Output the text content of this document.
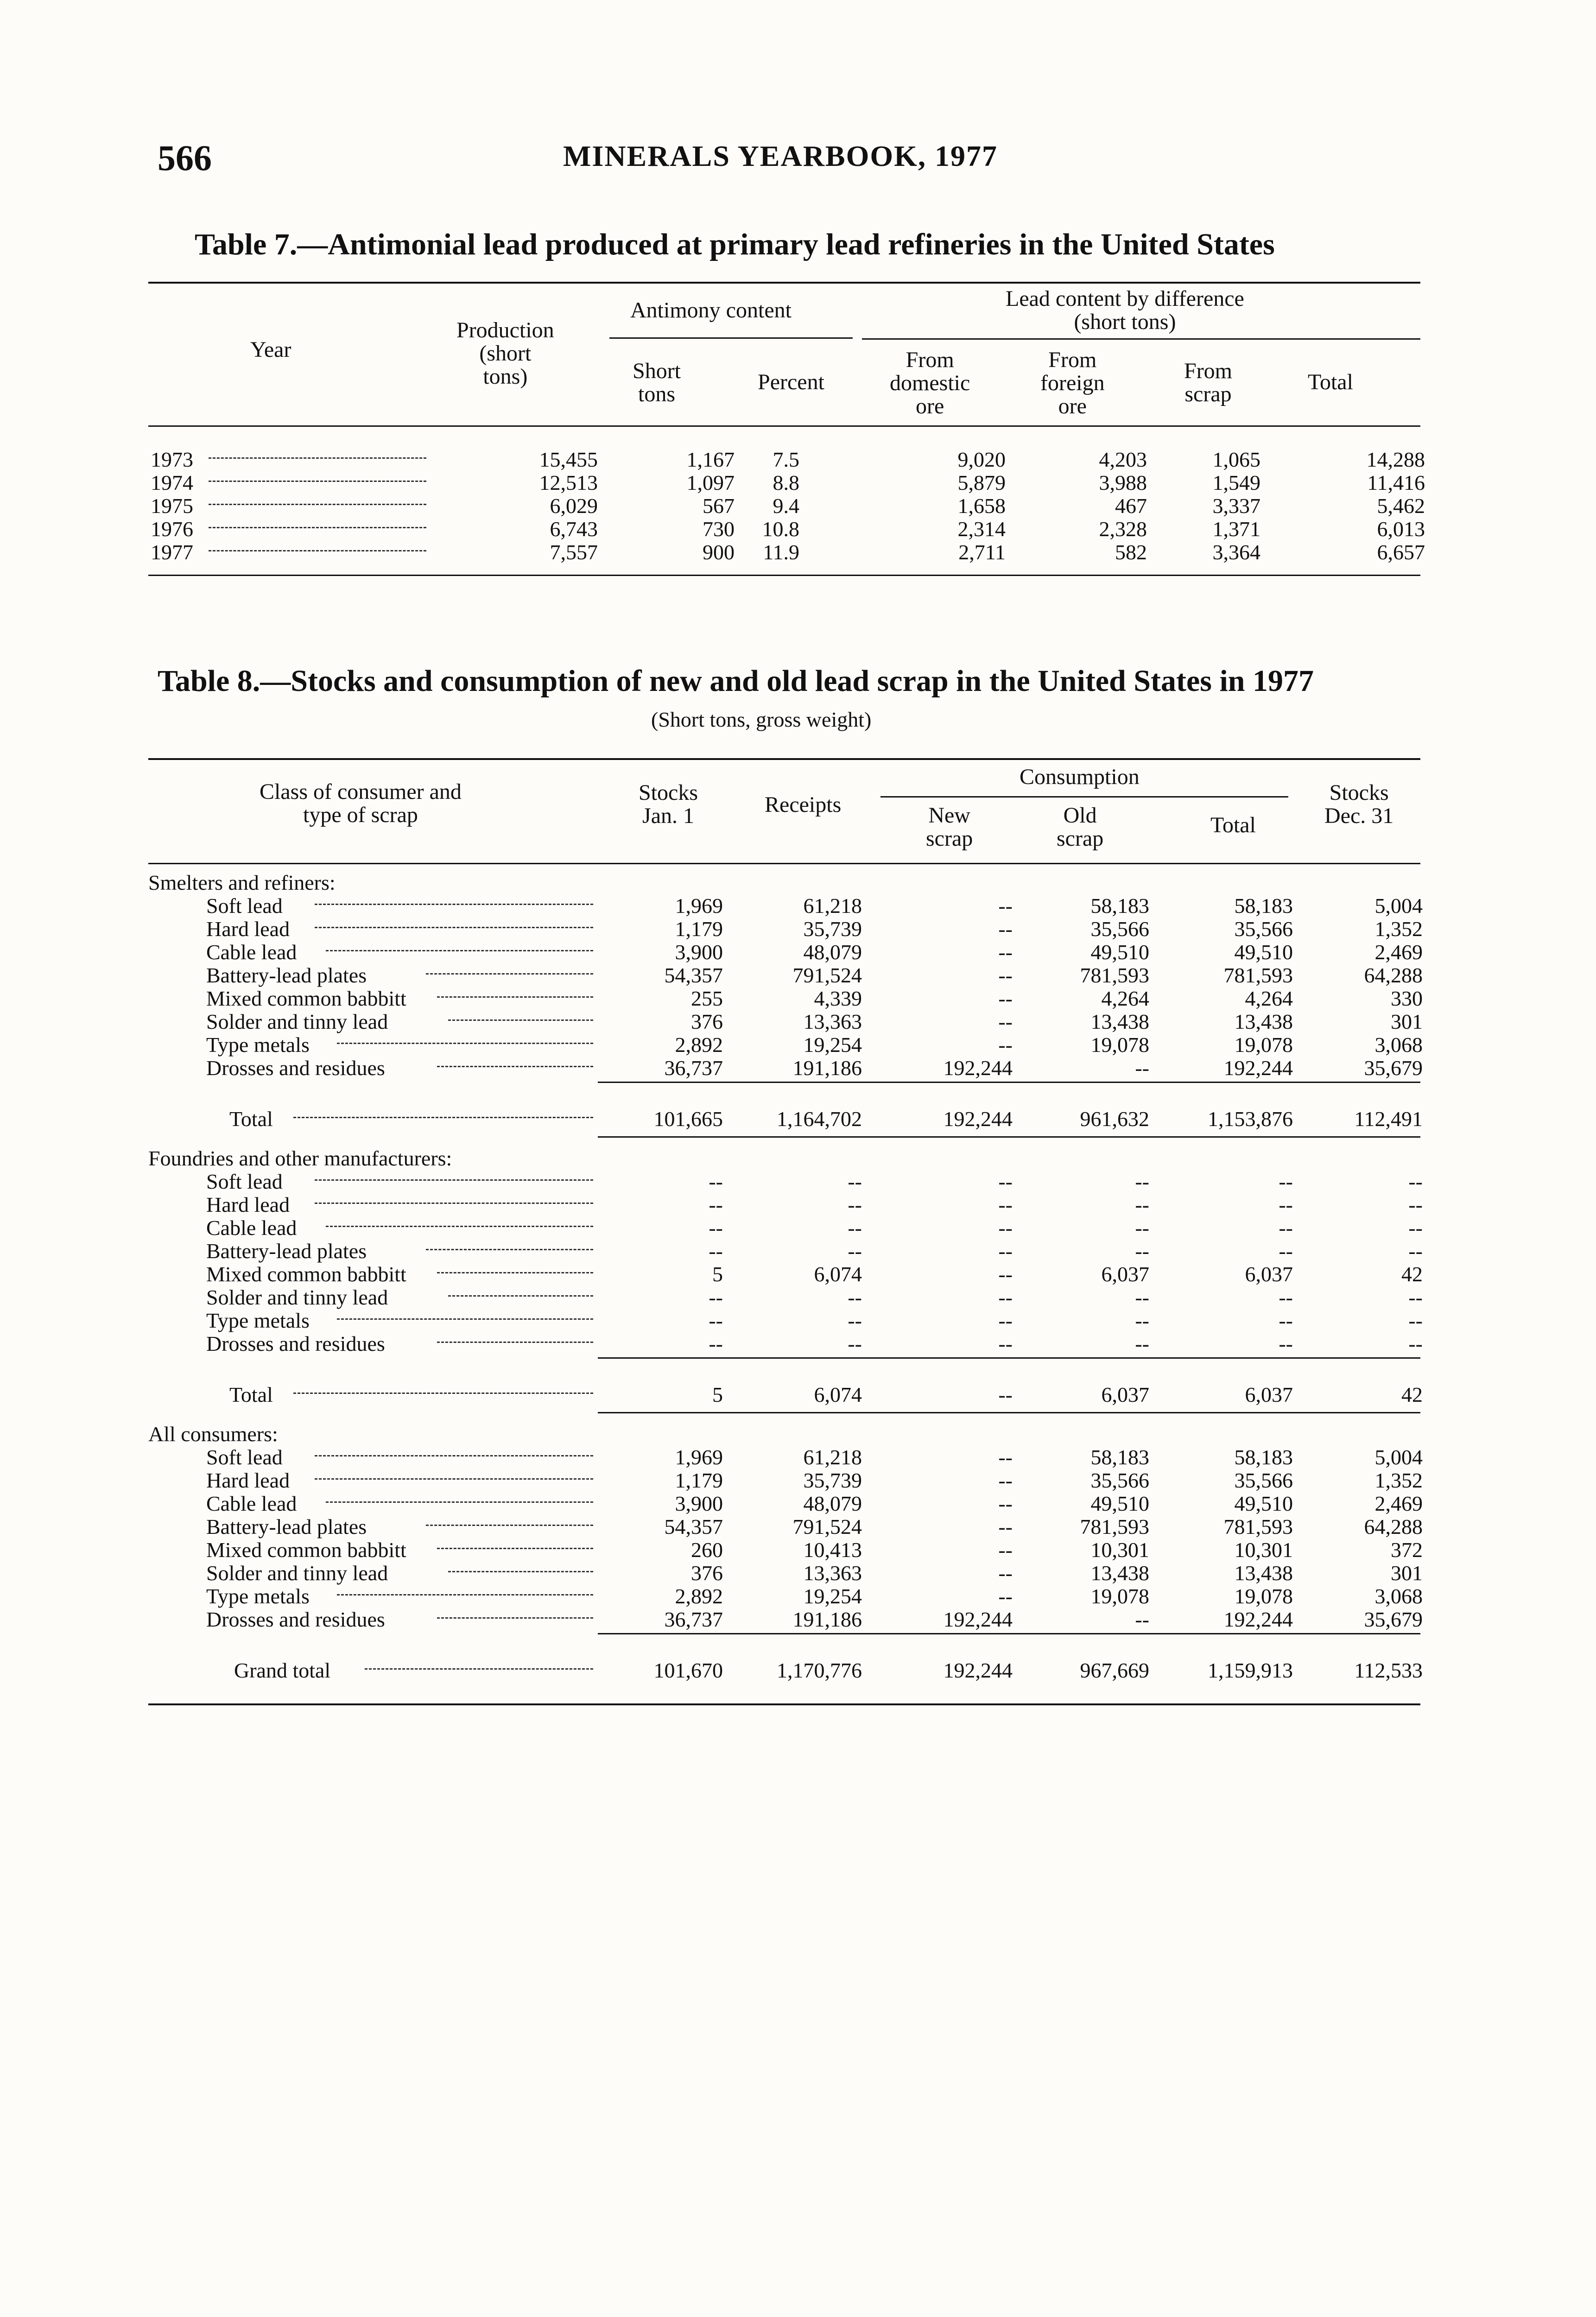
566	MINERALS YEARBOOK, 1977
Table 7.—Antimonial lead produced at primary lead refineries in the United States
Year
Production
(short
tons)
Antimony content
Short
tons	Percent
Lead content by difference
(short tons)
From
domestic
ore
From
foreign
ore
From
scrap	Total
1973	15,455	1,167 7.5	9,020	4,203	1,065	14,288
1974	12,513	1,097 8.8	5,879	3,988	1,549	11,416
1975	6,029	567 9.4	1,658	467	3,337	5,462
1976	6,743	730 10.8	2,314	2,328	1,371	6,013
1977	7,557	900 11.9	2,711	582	3,364	6,657
Table 8.—Stocks and consumption of new and old lead scrap in the United States in 1977
(Short tons, gross weight)
Class of consumer and
type of scrap
Stocks
Jan. 1	Receipts
Consumption
New
scrap
Old
scrap
Total
Stocks
Dec. 31
Smelters and refiners:
Soft lead	1,969	61,218	--	58,183	58,183	5,004
Hard lead	1,179	35,739	--	35,566	35,566	1,352
Cable lead	3,900	48,079	--	49,510	49,510	2,469
Battery-lead plates	54,357	791,524	--	781,593	781,593	64,288
Mixed common babbitt	255	4,339	--	4,264	4,264	330
Solder and tinny lead	376	13,363	--	13,438	13,438	301
Type metals	2,892	19,254	--	19,078	19,078	3,068
Drosses and residues	36,737	191,186	192,244	--	192,244	35,679
Total	101,665	1,164,702	192,244	961,632	1,153,876	112,491
Foundries and other manufacturers:
Soft lead	--	--	--	--	--	--
Hard lead	--	--	--	--	--	--
Cable lead	--	--	--	--	--	--
Battery-lead plates	--	--	--	--	--	--
Mixed common babbitt	5	6,074	--	6,037	6,037	42
Solder and tinny lead	--	--	--	--	--	--
Type metals	--	--	--	--	--	--
Drosses and residues	--	--	--	--	--	--
Total	5	6,074	--	6,037	6,037	42
All consumers:
Soft lead	1,969	61,218	--	58,183	58,183	5,004
Hard lead	1,179	35,739	--	35,566	35,566	1,352
Cable lead	3,900	48,079	--	49,510	49,510	2,469
Battery-lead plates	54,357	791,524	--	781,593	781,593	64,288
Mixed common babbitt	260	10,413	--	10,301	10,301	372
Solder and tinny lead	376	13,363	--	13,438	13,438	301
Type metals	2,892	19,254	--	19,078	19,078	3,068
Drosses and residues	36,737	191,186	192,244	--	192,244	35,679
Grand total	101,670	1,170,776	192,244	967,669	1,159,913	112,533
